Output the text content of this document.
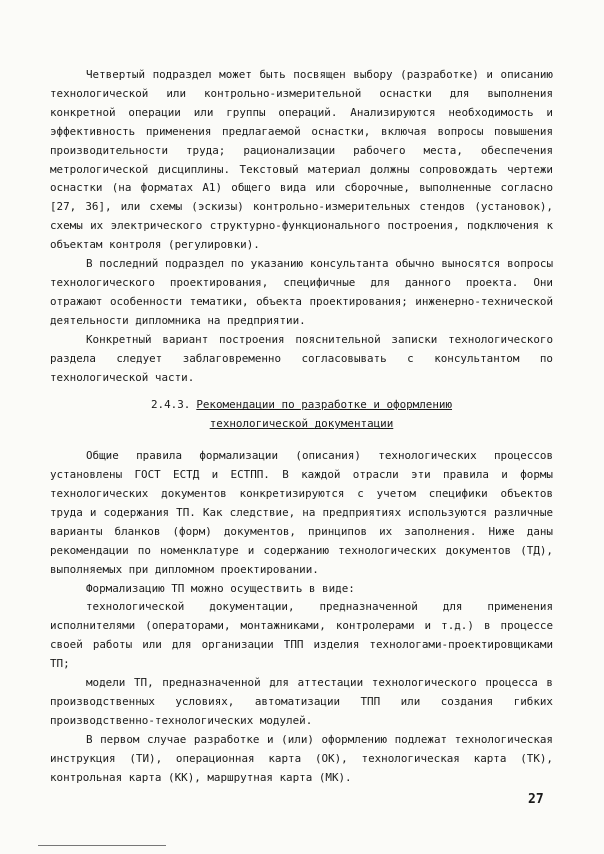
Четвертый подраздел может быть посвящен выбору (разработке) и описанию технологической или контрольно-измерительной оснастки для выполнения конкретной операции или группы операций. Анализируются необходимость и эффективность применения предлагаемой оснастки, включая вопросы повышения производительности труда; рационализации рабочего места, обеспечения метрологической дисциплины. Текстовый материал должны сопровождать чертежи оснастки (на форматах А1) общего вида или сборочные, выполненные согласно [27, 36], или схемы (эскизы) контрольно-измерительных стендов (установок), схемы их электрического структурно-функционального построения, подключения к объектам контроля (регулировки).

В последний подраздел по указанию консультанта обычно выносятся вопросы технологического проектирования, специфичные для данного проекта. Они отражают особенности тематики, объекта проектирования; инженерно-технической деятельности дипломника на предприятии.

Конкретный вариант построения пояснительной записки технологического раздела следует заблаговременно согласовывать с консультантом по технологической части.

2.4.3. Рекомендации по разработке и оформлению
технологической документации

Общие правила формализации (описания) технологических процессов установлены ГОСТ ЕСТД и ЕСТПП. В каждой отрасли эти правила и формы технологических документов конкретизируются с учетом специфики объектов труда и содержания ТП. Как следствие, на предприятиях используются различные варианты бланков (форм) документов, принципов их заполнения. Ниже даны рекомендации по номенклатуре и содержанию технологических документов (ТД), выполняемых при дипломном проектировании.

Формализацию ТП можно осуществить в виде:

технологической документации, предназначенной для применения исполнителями (операторами, монтажниками, контролерами и т.д.) в процессе своей работы или для организации ТПП изделия технологами-проектировщиками ТП;

модели ТП, предназначенной для аттестации технологического процесса в производственных условиях, автоматизации ТПП или создания гибких производственно-технологических модулей.

В первом случае разработке и (или) оформлению подлежат технологическая инструкция (ТИ), операционная карта (ОК), технологическая карта (ТК), контрольная карта (КК), маршрутная карта (МК).

27
